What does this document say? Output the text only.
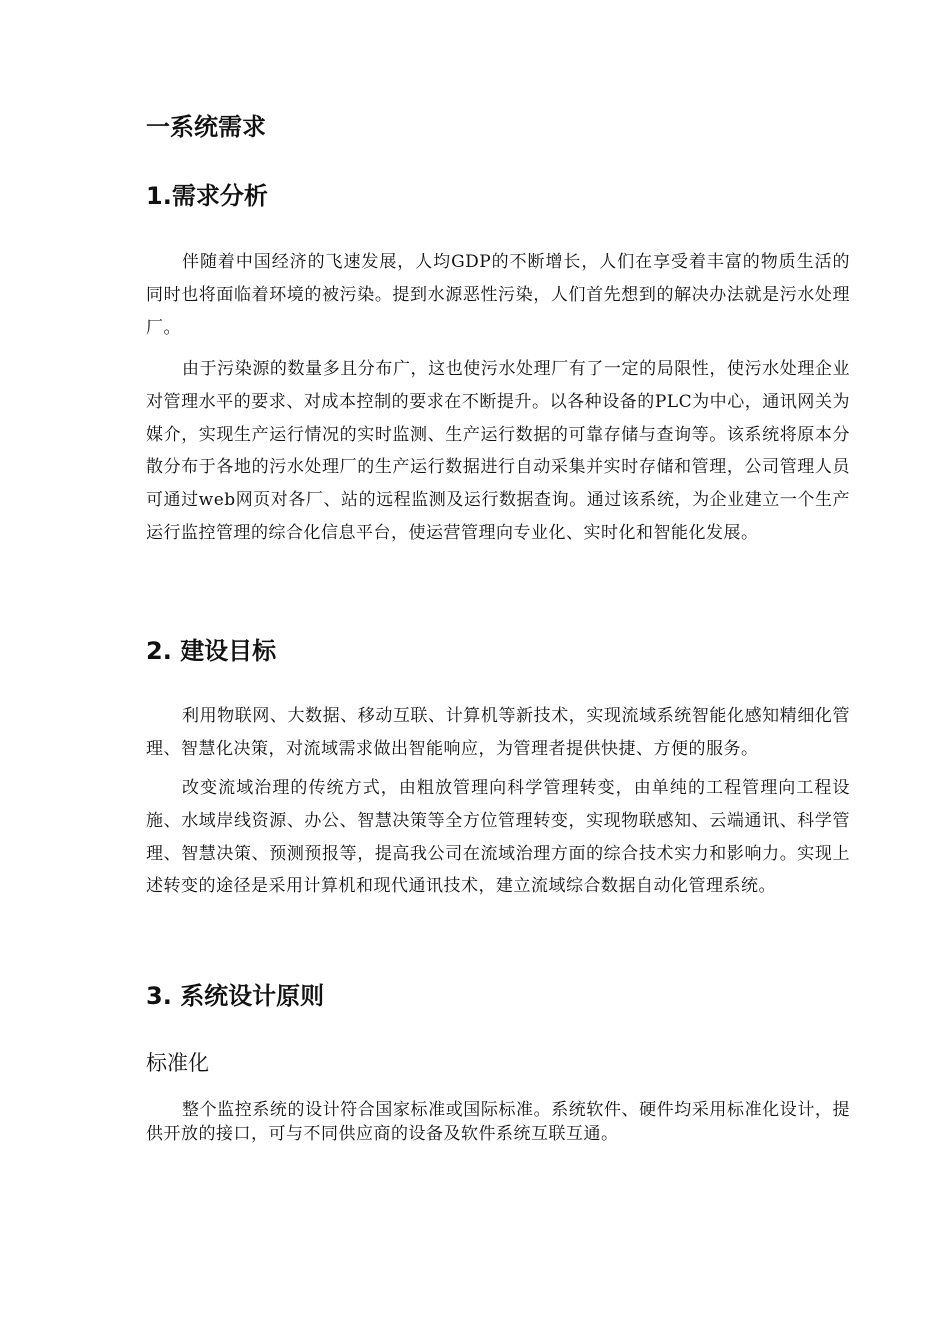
一系统需求
1.需求分析

伴随着中国经济的飞速发展，人均GDP的不断增长，人们在享受着丰富的物质生活的同时也将面临着环境的被污染。提到水源恶性污染，人们首先想到的解决办法就是污水处理厂。

由于污染源的数量多且分布广，这也使污水处理厂有了一定的局限性，使污水处理企业对管理水平的要求、对成本控制的要求在不断提升。以各种设备的PLC为中心，通讯网关为媒介，实现生产运行情况的实时监测、生产运行数据的可靠存储与查询等。该系统将原本分散分布于各地的污水处理厂的生产运行数据进行自动采集并实时存储和管理，公司管理人员可通过web网页对各厂、站的远程监测及运行数据查询。通过该系统，为企业建立一个生产运行监控管理的综合化信息平台，使运营管理向专业化、实时化和智能化发展。

2. 建设目标

利用物联网、大数据、移动互联、计算机等新技术，实现流域系统智能化感知精细化管理、智慧化决策，对流域需求做出智能响应，为管理者提供快捷、方便的服务。

改变流域治理的传统方式，由粗放管理向科学管理转变，由单纯的工程管理向工程设施、水域岸线资源、办公、智慧决策等全方位管理转变，实现物联感知、云端通讯、科学管理、智慧决策、预测预报等，提高我公司在流域治理方面的综合技术实力和影响力。实现上述转变的途径是采用计算机和现代通讯技术，建立流域综合数据自动化管理系统。

3. 系统设计原则
标准化

整个监控系统的设计符合国家标准或国际标准。系统软件、硬件均采用标准化设计，提供开放的接口，可与不同供应商的设备及软件系统互联互通。
